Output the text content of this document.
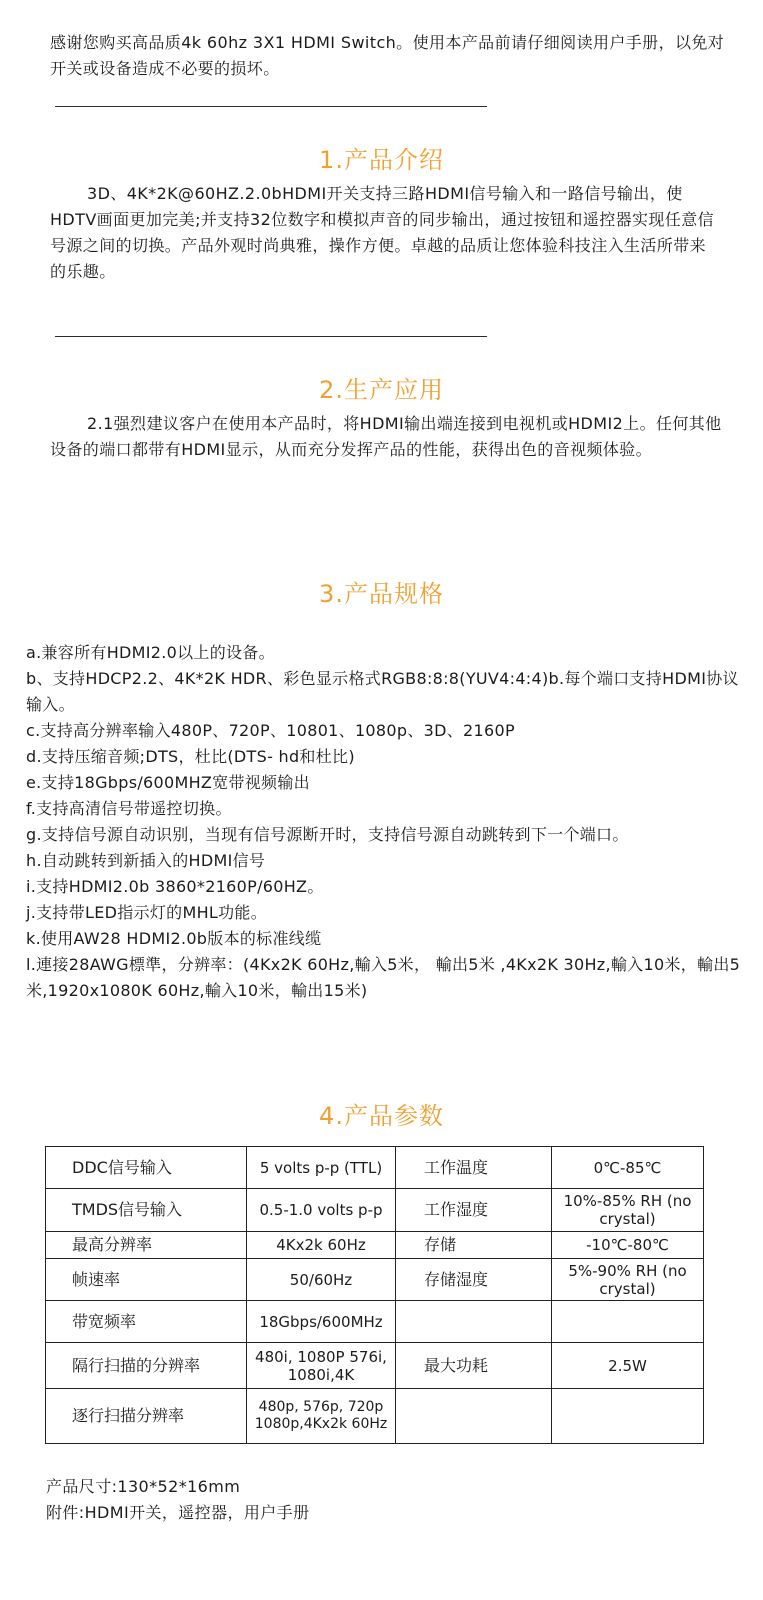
感谢您购买高品质4k 60hz 3X1 HDMI Switch。使用本产品前请仔细阅读用户手册，以免对开关或设备造成不必要的损坏。

1.产品介绍

3D、4K*2K@60HZ.2.0bHDMI开关支持三路HDMI信号输入和一路信号输出，使HDTV画面更加完美;并支持32位数字和模拟声音的同步输出，通过按钮和遥控器实现任意信号源之间的切换。产品外观时尚典雅，操作方便。卓越的品质让您体验科技注入生活所带来的乐趣。

2.生产应用

2.1强烈建议客户在使用本产品时，将HDMI输出端连接到电视机或HDMI2上。任何其他设备的端口都带有HDMI显示，从而充分发挥产品的性能，获得出色的音视频体验。

3.产品规格
a.兼容所有HDMI2.0以上的设备。
b、支持HDCP2.2、4K*2K HDR、彩色显示格式RGB8:8:8(YUV4:4:4)b.每个端口支持HDMI协议输入。
c.支持高分辨率输入480P、720P、10801、1080p、3D、2160P
d.支持压缩音频;DTS，杜比(DTS- hd和杜比)
e.支持18Gbps/600MHZ宽带视频输出
f.支持高清信号带遥控切换。
g.支持信号源自动识别，当现有信号源断开时，支持信号源自动跳转到下一个端口。
h.自动跳转到新插入的HDMI信号
i.支持HDMI2.0b 3860*2160P/60HZ。
j.支持带LED指示灯的MHL功能。
k.使用AW28 HDMI2.0b版本的标准线缆
l.連接28AWG標準，分辨率：(4Kx2K 60Hz,輸入5米， 輸出5米 ,4Kx2K 30Hz,輸入10米，輸出5米,1920x1080K 60Hz,輸入10米，輸出15米)
4.产品参数
DDC信号输入	5 volts p-p (TTL)	工作温度	0℃-85℃
TMDS信号输入	0.5-1.0 volts p-p	工作湿度	10%-85% RH (no crystal)
最高分辨率	4Kx2k 60Hz	存储	-10℃-80℃
帧速率	50/60Hz	存储湿度	5%-90% RH (no crystal)
带宽频率	18Gbps/600MHz		
隔行扫描的分辨率	480i, 1080P 576i, 1080i,4K	最大功耗	2.5W
逐行扫描分辨率	480p, 576p, 720p 1080p,4Kx2k 60Hz		
产品尺寸:130*52*16mm
附件:HDMI开关，遥控器，用户手册
